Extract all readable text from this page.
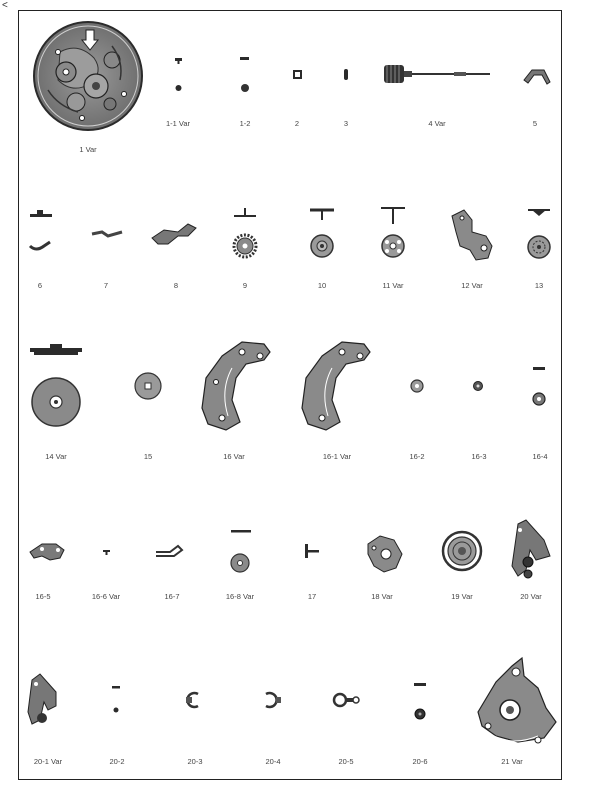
<
1 Var
1-1 Var	1-2	2	3	4 Var	5
6	7	8	9	10	11 Var	12 Var	13
14 Var	15	16 Var	16-1 Var	16-2	16-3	16-4
16-5	16-6 Var	16-7	16-8 Var	17	18 Var	19 Var	20 Var
20-1 Var	20-2	20-3	20-4	20-5	20-6	21 Var
